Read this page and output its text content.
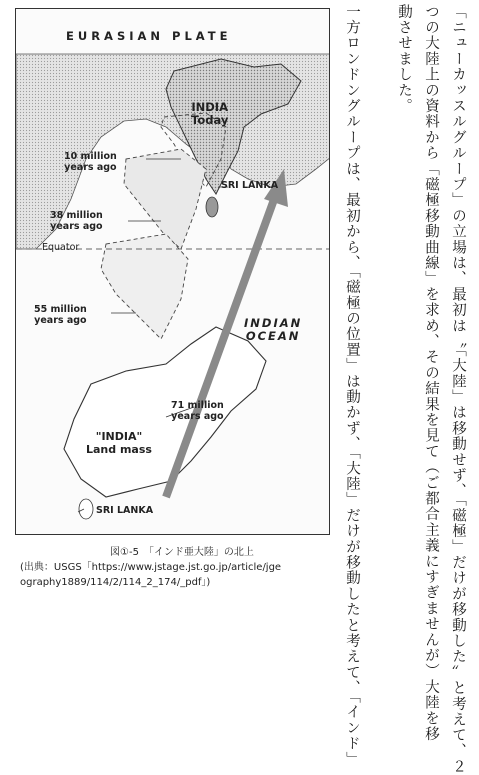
EURASIAN PLATE
INDIA
Today
SRI LANKA
10 million
years ago
38 million
years ago
55 million
years ago
71 million
years ago
Equator
INDIAN
OCEAN
"INDIA"
Land mass
SRI LANKA
図①-5　「インド亜大陸」の北上
(出典：USGS「https://www.jstage.jst.go.jp/article/jge
ography1889/114/2/114_2_174/_pdf」)	「ニューカッスルグループ」の立場は、最初は〝「大陸」は移動せず、「磁極」だけが移動した〟と考えて、２
つの大陸上の資料から「磁極移動曲線」を求め、その結果を見て（ご都合主義にすぎませんが）大陸を移
動させました。
一方ロンドングループは、最初から、「磁極の位置」は動かず、「大陸」だけが移動したと考えて、「インド」
